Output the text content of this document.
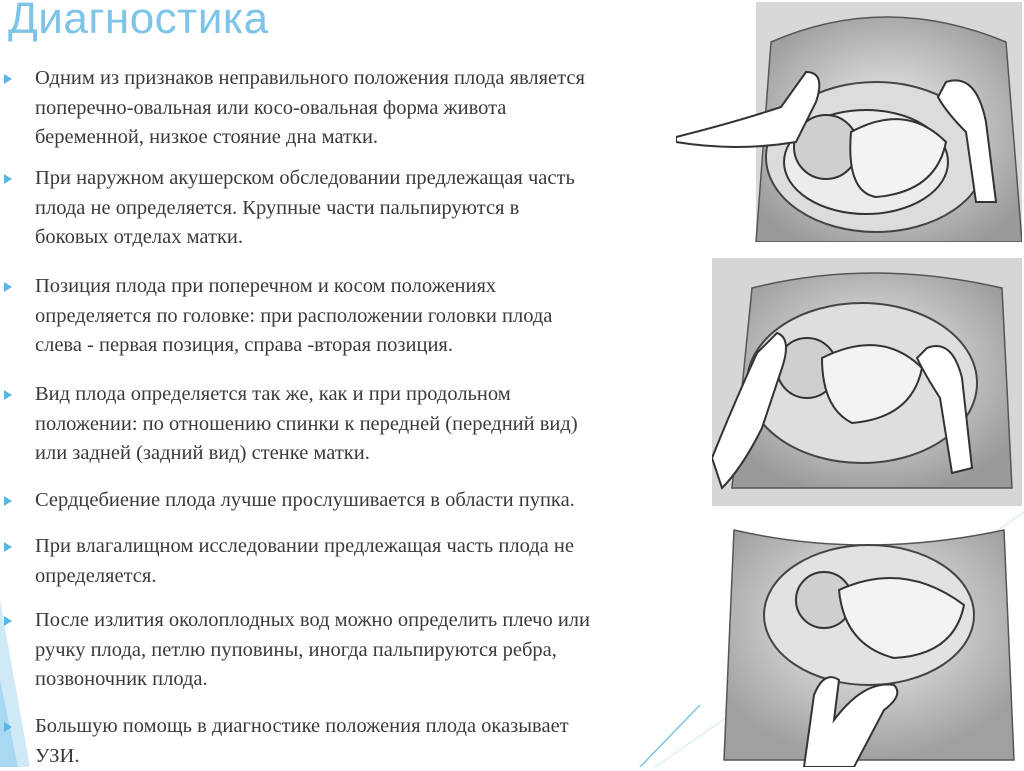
Диагностика
Одним из признаков неправильного положения плода является
поперечно-овальная или косо-овальная форма живота
беременной, низкое стояние дна матки.
При наружном акушерском обследовании предлежащая часть
плода не определяется. Крупные части пальпируются в
боковых отделах матки.
Позиция плода при поперечном и косом положениях
определяется по головке: при расположении головки плода
слева - первая позиция, справа -вторая позиция.
Вид плода определяется так же, как и при продольном
положении: по отношению спинки к передней (передний вид)
или задней (задний вид) стенке матки.
Сердцебиение плода лучше прослушивается в области пупка.
При влагалищном исследовании предлежащая часть плода не
определяется.
После излития околоплодных вод можно определить плечо или
ручку плода, петлю пуповины, иногда пальпируются ребра,
позвоночник плода.
Большую помощь в диагностике положения плода оказывает
УЗИ.
